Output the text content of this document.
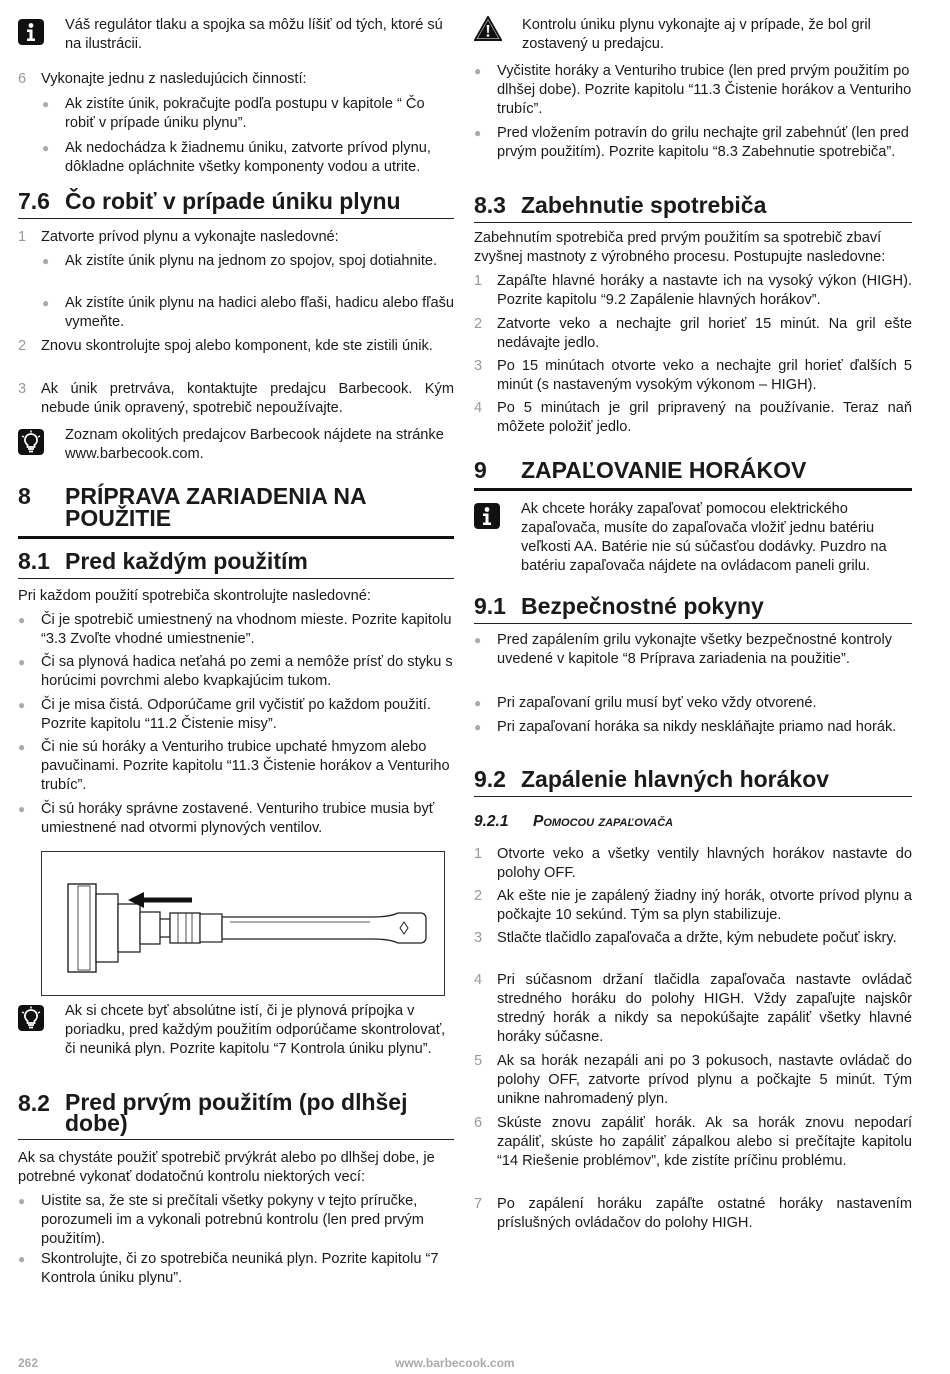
Váš regulátor tlaku a spojka sa môžu líšiť od tých, ktoré sú na ilustrácii.
6	Vykonajte jednu z nasledujúcich činností:
●	Ak zistíte únik, pokračujte podľa postupu v kapitole “ Čo robiť v prípade úniku plynu”.
●	Ak nedochádza k žiadnemu úniku, zatvorte prívod plynu, dôkladne opláchnite všetky komponenty vodou a utrite.
7.6 Čo robiť v prípade úniku plynu
1	Zatvorte prívod plynu a vykonajte nasledovné:
●	Ak zistíte únik plynu na jednom zo spojov, spoj dotiahnite.
●	Ak zistíte únik plynu na hadici alebo fľaši, hadicu alebo fľašu vymeňte.
2	Znovu skontrolujte spoj alebo komponent, kde ste zistili únik.
3	Ak únik pretrváva, kontaktujte predajcu Barbecook. Kým nebude únik opravený, spotrebič nepoužívajte.
Zoznam okolitých predajcov Barbecook nájdete na stránke www.barbecook.com.
8	PRÍPRAVA ZARIADENIA NA POUŽITIE
8.1 Pred každým použitím
Pri každom použití spotrebiča skontrolujte nasledovné:
●	Či je spotrebič umiestnený na vhodnom mieste. Pozrite kapitolu “3.3 Zvoľte vhodné umiestnenie”.
●	Či sa plynová hadica neťahá po zemi a nemôže prísť do styku s horúcimi povrchmi alebo kvapkajúcim tukom.
●	Či je misa čistá. Odporúčame gril vyčistiť po každom použití. Pozrite kapitolu “11.2 Čistenie misy”.
●	Či nie sú horáky a Venturiho trubice upchaté hmyzom alebo pavučinami. Pozrite kapitolu “11.3 Čistenie horákov a Venturiho trubíc”.
●	Či sú horáky správne zostavené. Venturiho trubice musia byť umiestnené nad otvormi plynových ventilov.
Ak si chcete byť absolútne istí, či je plynová prípojka v poriadku, pred každým použitím odporúčame skontrolovať, či neuniká plyn. Pozrite kapitolu “7 Kontrola úniku plynu”.
8.2 Pred prvým použitím (po dlhšej dobe)
Ak sa chystáte použiť spotrebič prvýkrát alebo po dlhšej dobe, je potrebné vykonať dodatočnú kontrolu niektorých vecí:
●	Uistite sa, že ste si prečítali všetky pokyny v tejto príručke, porozumeli im a vykonali potrebnú kontrolu (len pred prvým použitím).
●	Skontrolujte, či zo spotrebiča neuniká plyn. Pozrite kapitolu “7 Kontrola úniku plynu”.
Kontrolu úniku plynu vykonajte aj v prípade, že bol gril zostavený u predajcu.
●	Vyčistite horáky a Venturiho trubice (len pred prvým použitím po dlhšej dobe). Pozrite kapitolu “11.3 Čistenie horákov a Venturiho trubíc”.
●	Pred vložením potravín do grilu nechajte gril zabehnúť (len pred prvým použitím). Pozrite kapitolu “8.3 Zabehnutie spotrebiča”.
8.3 Zabehnutie spotrebiča
Zabehnutím spotrebiča pred prvým použitím sa spotrebič zbaví zvyšnej mastnoty z výrobného procesu. Postupujte nasledovne:
1	Zapáľte hlavné horáky a nastavte ich na vysoký výkon (HIGH). Pozrite kapitolu “9.2 Zapálenie hlavných horákov”.
2	Zatvorte veko a nechajte gril horieť 15 minút. Na gril ešte nedávajte jedlo.
3	Po 15 minútach otvorte veko a nechajte gril horieť ďalších 5 minút (s nastaveným vysokým výkonom – HIGH).
4	Po 5 minútach je gril pripravený na používanie. Teraz naň môžete položiť jedlo.
9	ZAPAĽOVANIE HORÁKOV
Ak chcete horáky zapaľovať pomocou elektrického zapaľovača, musíte do zapaľovača vložiť jednu batériu veľkosti AA. Batérie nie sú súčasťou dodávky. Puzdro na batériu zapaľovača nájdete na ovládacom paneli grilu.
9.1 Bezpečnostné pokyny
●	Pred zapálením grilu vykonajte všetky bezpečnostné kontroly uvedené v kapitole “8 Príprava zariadenia na použitie”.
●	Pri zapaľovaní grilu musí byť veko vždy otvorené.
●	Pri zapaľovaní horáka sa nikdy neskláňajte priamo nad horák.
9.2 Zapálenie hlavných horákov
9.2.1	Pomocou zapaľovača
1	Otvorte veko a všetky ventily hlavných horákov nastavte do polohy OFF.
2	Ak ešte nie je zapálený žiadny iný horák, otvorte prívod plynu a počkajte 10 sekúnd. Tým sa plyn stabilizuje.
3	Stlačte tlačidlo zapaľovača a držte, kým nebudete počuť iskry.
4	Pri súčasnom držaní tlačidla zapaľovača nastavte ovládač stredného horáku do polohy HIGH. Vždy zapaľujte najskôr stredný horák a nikdy sa nepokúšajte zapáliť všetky hlavné horáky súčasne.
5	Ak sa horák nezapáli ani po 3 pokusoch, nastavte ovládač do polohy OFF, zatvorte prívod plynu a počkajte 5 minút. Tým unikne nahromadený plyn.
6	Skúste znovu zapáliť horák. Ak sa horák znovu nepodarí zapáliť, skúste ho zapáliť zápalkou alebo si prečítajte kapitolu “14 Riešenie problémov”, kde zistíte príčinu problému.
7	Po zapálení horáku zapáľte ostatné horáky nastavením príslušných ovládačov do polohy HIGH.
262	www.barbecook.com
